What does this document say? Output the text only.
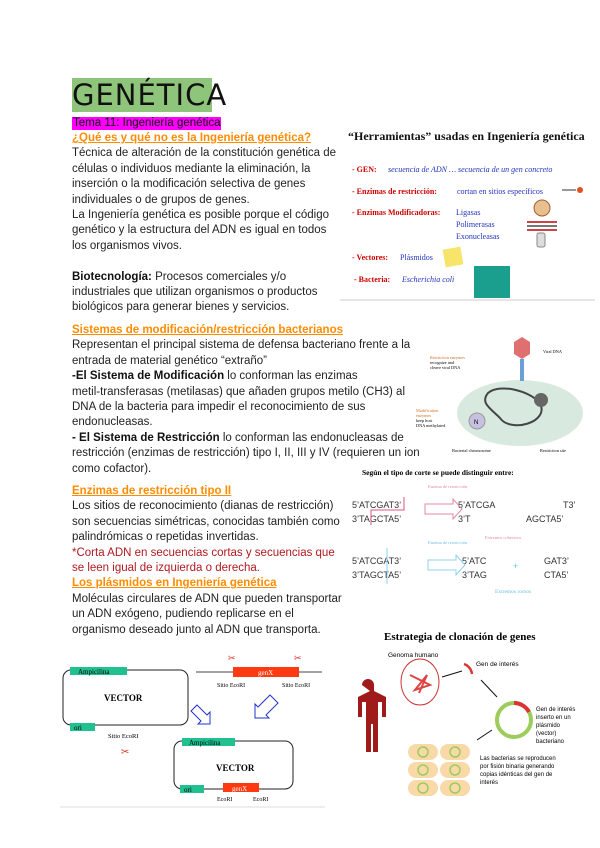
GENÉTICA
Tema 11: Ingeniería genética
¿Qué es y qué no es la Ingeniería genética?
Técnica de alteración de la constitución genética de
células o individuos mediante la eliminación, la
inserción o la modificación selectiva de genes
individuales o de grupos de genes.
La Ingeniería genética es posible porque el código
genético y la estructura del ADN es igual en todos
los organismos vivos.

Biotecnología: Procesos comerciales y/o
industriales que utilizan organismos o productos
biológicos para generar bienes y servicios.
Sistemas de modificación/restricción bacterianos
Representan el principal sistema de defensa bacteriano frente a la
entrada de material genético “extraño”
-El Sistema de Modificación lo conforman las enzimas
metil-transferasas (metilasas) que añaden grupos metilo (CH3) al
DNA de la bacteria para impedir el reconocimiento de sus
endonucleasas.
- El Sistema de Restricción lo conforman las endonucleasas de
restricción (enzimas de restricción) tipo I, II, III y IV (requieren un ion
como cofactor).
Enzimas de restricción tipo II
Los sitios de reconocimiento (dianas de restricción)
son secuencias simétricas, conocidas también como
palindrómicas o repetidas invertidas.
*Corta ADN en secuencias cortas y secuencias que
se leen igual de izquierda o derecha.
Los plásmidos en Ingeniería genética
Moléculas circulares de ADN que pueden transportar
un ADN exógeno, pudiendo replicarse en el
organismo deseado junto al ADN que transporta.
“Herramientas” usadas en Ingeniería genética
- GEN: secuencia de ADN … secuencia de un gen concreto
- Enzimas de restricción:	cortan en sitios específicos
- Enzimas Modificadoras: Ligasas
Polimerasas
Exonucleasas
- Vectores: Plásmidos
- Bacteria: Escherichia coli
N
Restriction enzymes
recognize and
cleave viral DNA
Viral DNA
Modification
enzymes
keep host
DNA methylated
Bacterial chromosome	Restriction site
Según el tipo de corte se puede distinguir entre:
5’ATCGAT3’
3’TAGCTA5’
5’ATCGA
3’T
T3’
AGCTA5’
5’ATCGAT3’
3’TAGCTA5’
5’ATC
3’TAG
GAT3’
CTA5’
+
Enzima de restricción
Enzima de restricción
Extremos cohesivos
Extremos romos
Ampicilina
VECTOR
ori
Sitio EcoRI
✂
genX
✂	✂
Sitio EcoRI	Sitio EcoRI
Ampicilina
VECTOR
ori	genX
EcoRI	EcoRI
Estrategia de clonación de genes
Genoma humano
Gen de interés
Gen de interés
inserto en un
plásmido
(vector)
bacteriano
Las bacterias se reproducen
por fisión binaria generando
copias idénticas del gen de
interés
